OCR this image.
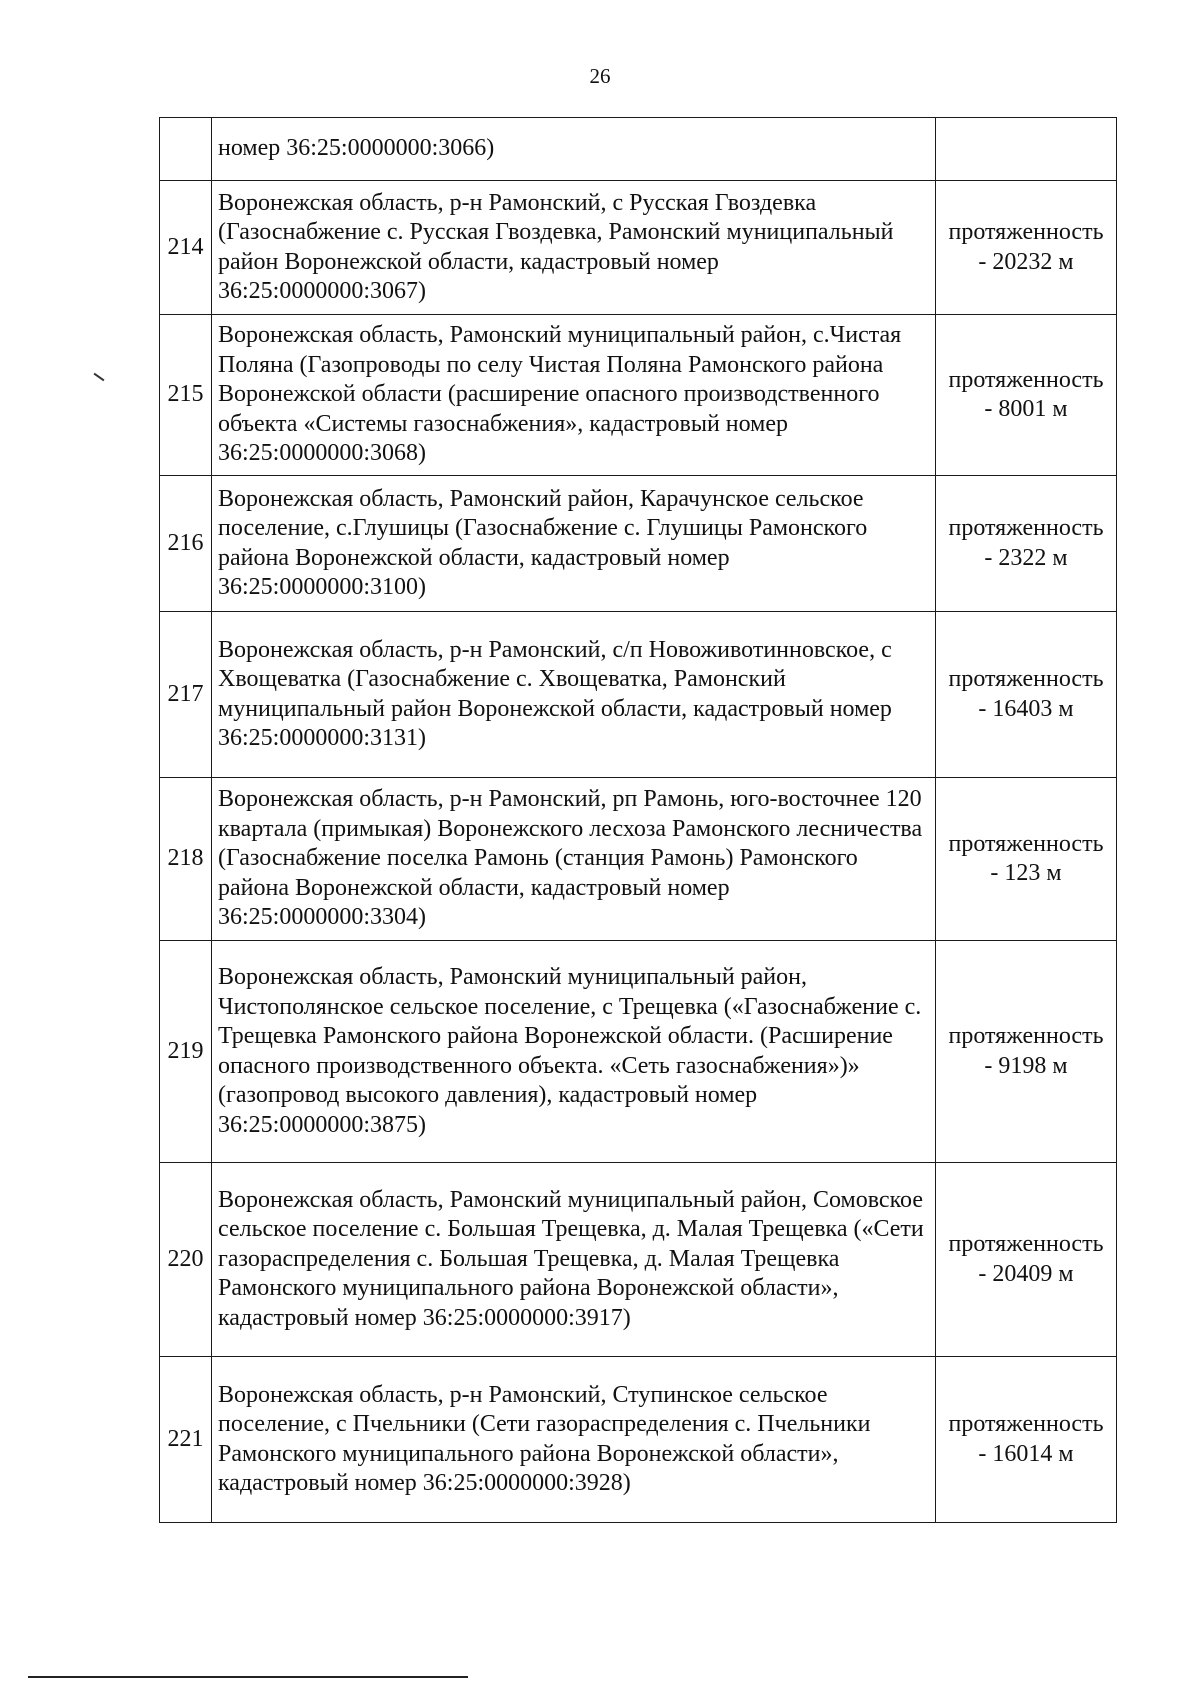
26
	номер 36:25:0000000:3066)	
214	Воронежская область, р-н Рамонский, с Русская Гвоздевка (Газоснабжение с. Русская Гвоздевка, Рамонский муниципальный район Воронежской области, кадастровый номер 36:25:0000000:3067)	протяженность
- 20232 м

215	Воронежская область, Рамонский муниципальный район, с.Чистая Поляна (Газопроводы по селу Чистая Поляна Рамонского района Воронежской области (расширение опасного производственного объекта «Системы газоснабжения», кадастровый номер 36:25:0000000:3068)	протяженность
- 8001 м

216	Воронежская область, Рамонский район, Карачунское сельское поселение, с.Глушицы (Газоснабжение с. Глушицы Рамонского района Воронежской области, кадастровый номер 36:25:0000000:3100)	протяженность
- 2322 м

217	Воронежская область, р-н Рамонский, с/п Новоживотинновское, с Хвощеватка (Газоснабжение с. Хвощеватка, Рамонский муниципальный район Воронежской области, кадастровый номер 36:25:0000000:3131)	протяженность
- 16403 м

218	Воронежская область, р-н Рамонский, рп Рамонь, юго-восточнее 120 квартала (примыкая) Воронежского лесхоза Рамонского лесничества (Газоснабжение поселка Рамонь (станция Рамонь) Рамонского района Воронежской области, кадастровый номер 36:25:0000000:3304)	протяженность
- 123 м

219	Воронежская область, Рамонский муниципальный район, Чистополянское сельское поселение, с Трещевка («Газоснабжение с. Трещевка Рамонского района Воронежской области. (Расширение опасного производственного объекта. «Сеть газоснабжения»)» (газопровод высокого давления), кадастровый номер 36:25:0000000:3875)	протяженность
- 9198 м

220	Воронежская область, Рамонский муниципальный район, Сомовское сельское поселение с. Большая Трещевка, д. Малая Трещевка («Сети газораспределения с. Большая Трещевка, д. Малая Трещевка Рамонского муниципального района Воронежской области», кадастровый номер 36:25:0000000:3917)	протяженность
- 20409 м

221	Воронежская область, р-н Рамонский, Ступинское сельское поселение, с Пчельники (Сети газораспределения с. Пчельники Рамонского муниципального района Воронежской области», кадастровый номер 36:25:0000000:3928)	протяженность
- 16014 м
